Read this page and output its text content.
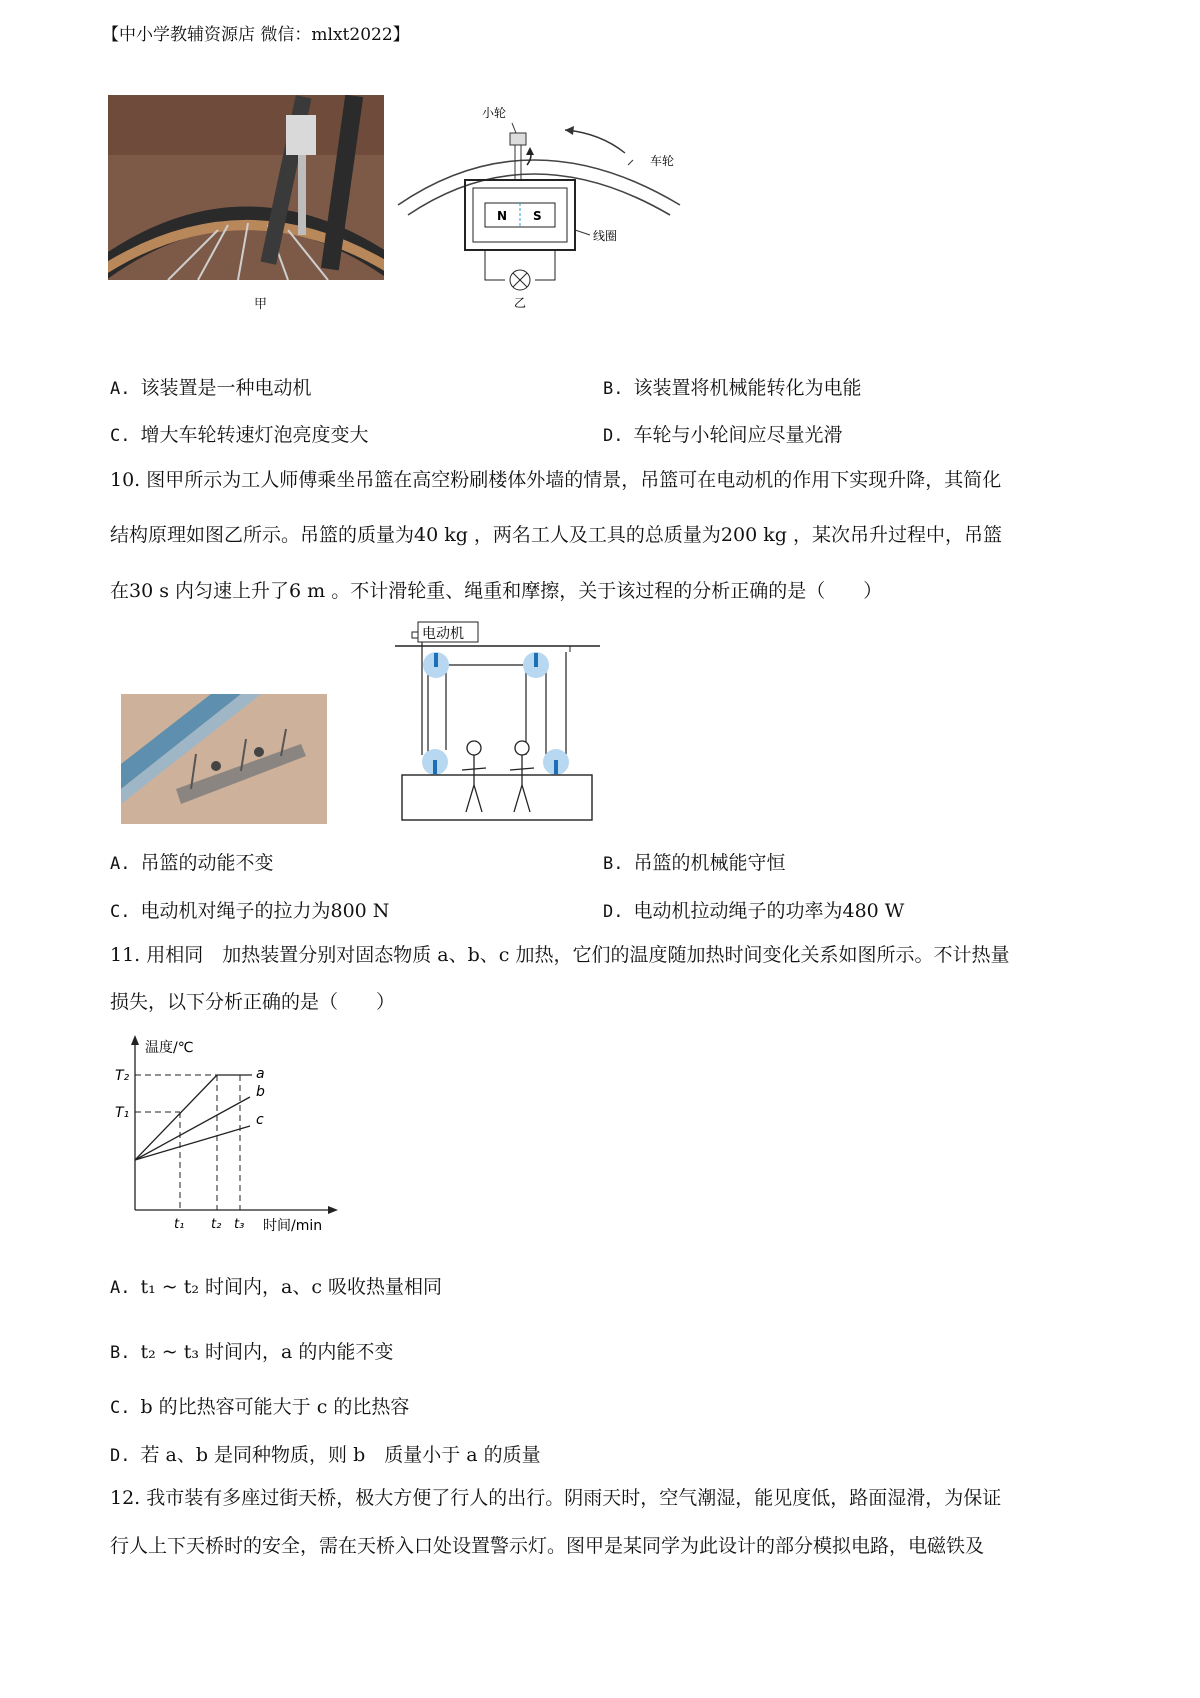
【中小学教辅资源店 微信：mlxt2022】
甲
车轮
小轮
N S
线圈
乙
A. 该装置是一种电动机	B. 该装置将机械能转化为电能
C. 增大车轮转速灯泡亮度变大	D. 车轮与小轮间应尽量光滑
10. 图甲所示为工人师傅乘坐吊篮在高空粉刷楼体外墙的情景，吊篮可在电动机的作用下实现升降，其简化
结构原理如图乙所示。吊篮的质量为40 kg ，两名工人及工具的总质量为200 kg ，某次吊升过程中，吊篮
在30 s 内匀速上升了6 m 。不计滑轮重、绳重和摩擦，关于该过程的分析正确的是（　　）
电动机
A. 吊篮的动能不变	B. 吊篮的机械能守恒
C. 电动机对绳子的拉力为800 N	D. 电动机拉动绳子的功率为480 W
11. 用相同　加热装置分别对固态物质 a、b、c 加热，它们的温度随加热时间变化关系如图所示。不计热量
损失，以下分析正确的是（　　）
温度/℃
时间/min
T₂
T₁
t₁ t₂ t₃
a
b
c
A. t₁ ~ t₂ 时间内，a、c 吸收热量相同
B. t₂ ~ t₃ 时间内，a 的内能不变
C. b 的比热容可能大于 c 的比热容
D. 若 a、b 是同种物质，则 b　质量小于 a 的质量
12. 我市装有多座过街天桥，极大方便了行人的出行。阴雨天时，空气潮湿，能见度低，路面湿滑，为保证
行人上下天桥时的安全，需在天桥入口处设置警示灯。图甲是某同学为此设计的部分模拟电路，电磁铁及
